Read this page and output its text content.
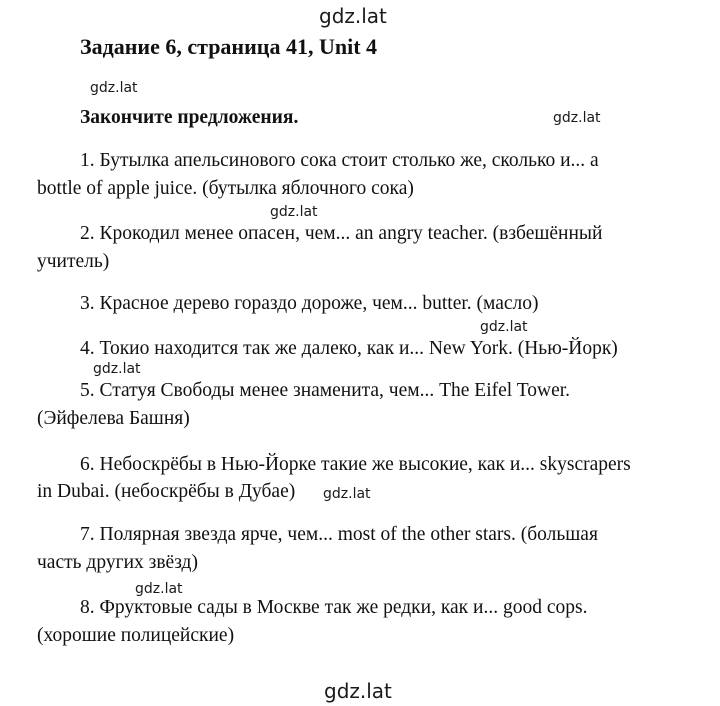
gdz.lat
gdz.lat
gdz.lat
gdz.lat
gdz.lat
gdz.lat
gdz.lat
gdz.lat
gdz.lat
Задание 6, страница 41, Unit 4
Закончите предложения.
1. Бутылка апельсинового сока стоит столько же, сколько и... a
bottle of apple juice. (бутылка яблочного сока)
2. Крокодил менее опасен, чем... an angry teacher. (взбешённый
учитель)
3. Красное дерево гораздо дороже, чем... butter. (масло)
4. Токио находится так же далеко, как и... New York. (Нью-Йорк)
5. Статуя Свободы менее знаменита, чем... The Eifel Tower.
(Эйфелева Башня)
6. Небоскрёбы в Нью-Йорке такие же высокие, как и... skyscrapers
in Dubai. (небоскрёбы в Дубае)
7. Полярная звезда ярче, чем... most of the other stars. (большая
часть других звёзд)
8. Фруктовые сады в Москве так же редки, как и... good cops.
(хорошие полицейские)
